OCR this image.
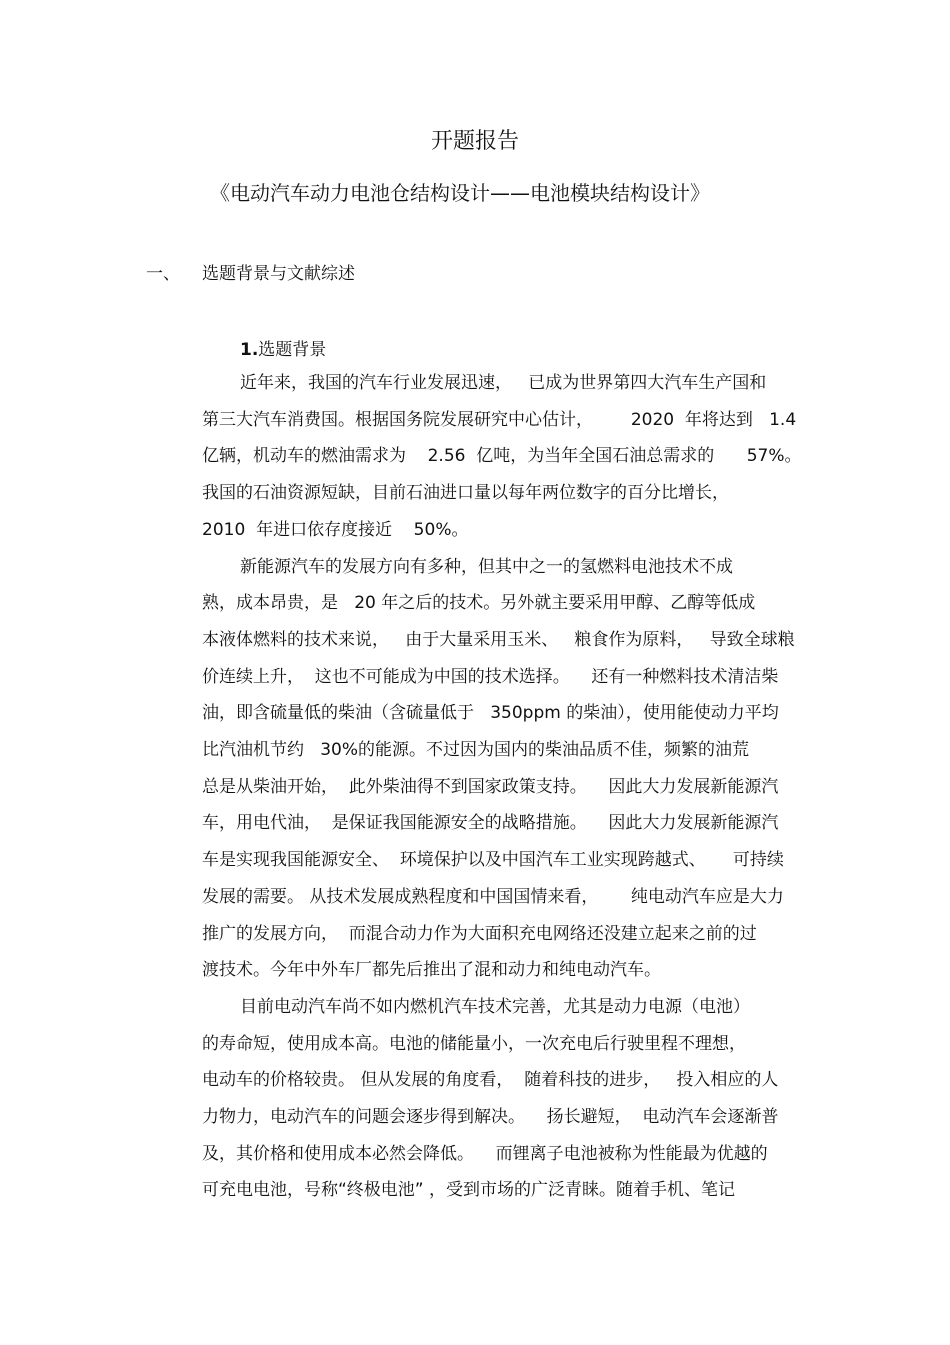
开题报告
《电动汽车动力电池仓结构设计——电池模块结构设计》
一、 选题背景与文献综述
1.选题背景
近年来，我国的汽车行业发展迅速，   已成为世界第四大汽车生产国和
第三大汽车消费国。根据国务院发展研究中心估计，       2020  年将达到   1.4
亿辆，机动车的燃油需求为    2.56  亿吨，为当年全国石油总需求的      57%。
我国的石油资源短缺，目前石油进口量以每年两位数字的百分比增长，
2010  年进口依存度接近    50%。
新能源汽车的发展方向有多种，但其中之一的氢燃料电池技术不成
熟，成本昂贵，是   20 年之后的技术。另外就主要采用甲醇、乙醇等低成
本液体燃料的技术来说，   由于大量采用玉米、   粮食作为原料，   导致全球粮
价连续上升，  这也不可能成为中国的技术选择。    还有一种燃料技术清洁柴
油，即含硫量低的柴油（含硫量低于   350ppm 的柴油），使用能使动力平均
比汽油机节约   30%的能源。不过因为国内的柴油品质不佳，频繁的油荒
总是从柴油开始，  此外柴油得不到国家政策支持。    因此大力发展新能源汽
车，用电代油，  是保证我国能源安全的战略措施。    因此大力发展新能源汽
车是实现我国能源安全、  环境保护以及中国汽车工业实现跨越式、     可持续
发展的需要。 从技术发展成熟程度和中国国情来看，      纯电动汽车应是大力
推广的发展方向，  而混合动力作为大面积充电网络还没建立起来之前的过
渡技术。今年中外车厂都先后推出了混和动力和纯电动汽车。
目前电动汽车尚不如内燃机汽车技术完善，尤其是动力电源（电池）
的寿命短，使用成本高。电池的储能量小，一次充电后行驶里程不理想，
电动车的价格较贵。 但从发展的角度看，  随着科技的进步，   投入相应的人
力物力，电动汽车的问题会逐步得到解决。    扬长避短，  电动汽车会逐渐普
及，其价格和使用成本必然会降低。    而锂离子电池被称为性能最为优越的
可充电电池，号称“终极电池” ，受到市场的广泛青睐。随着手机、笔记
